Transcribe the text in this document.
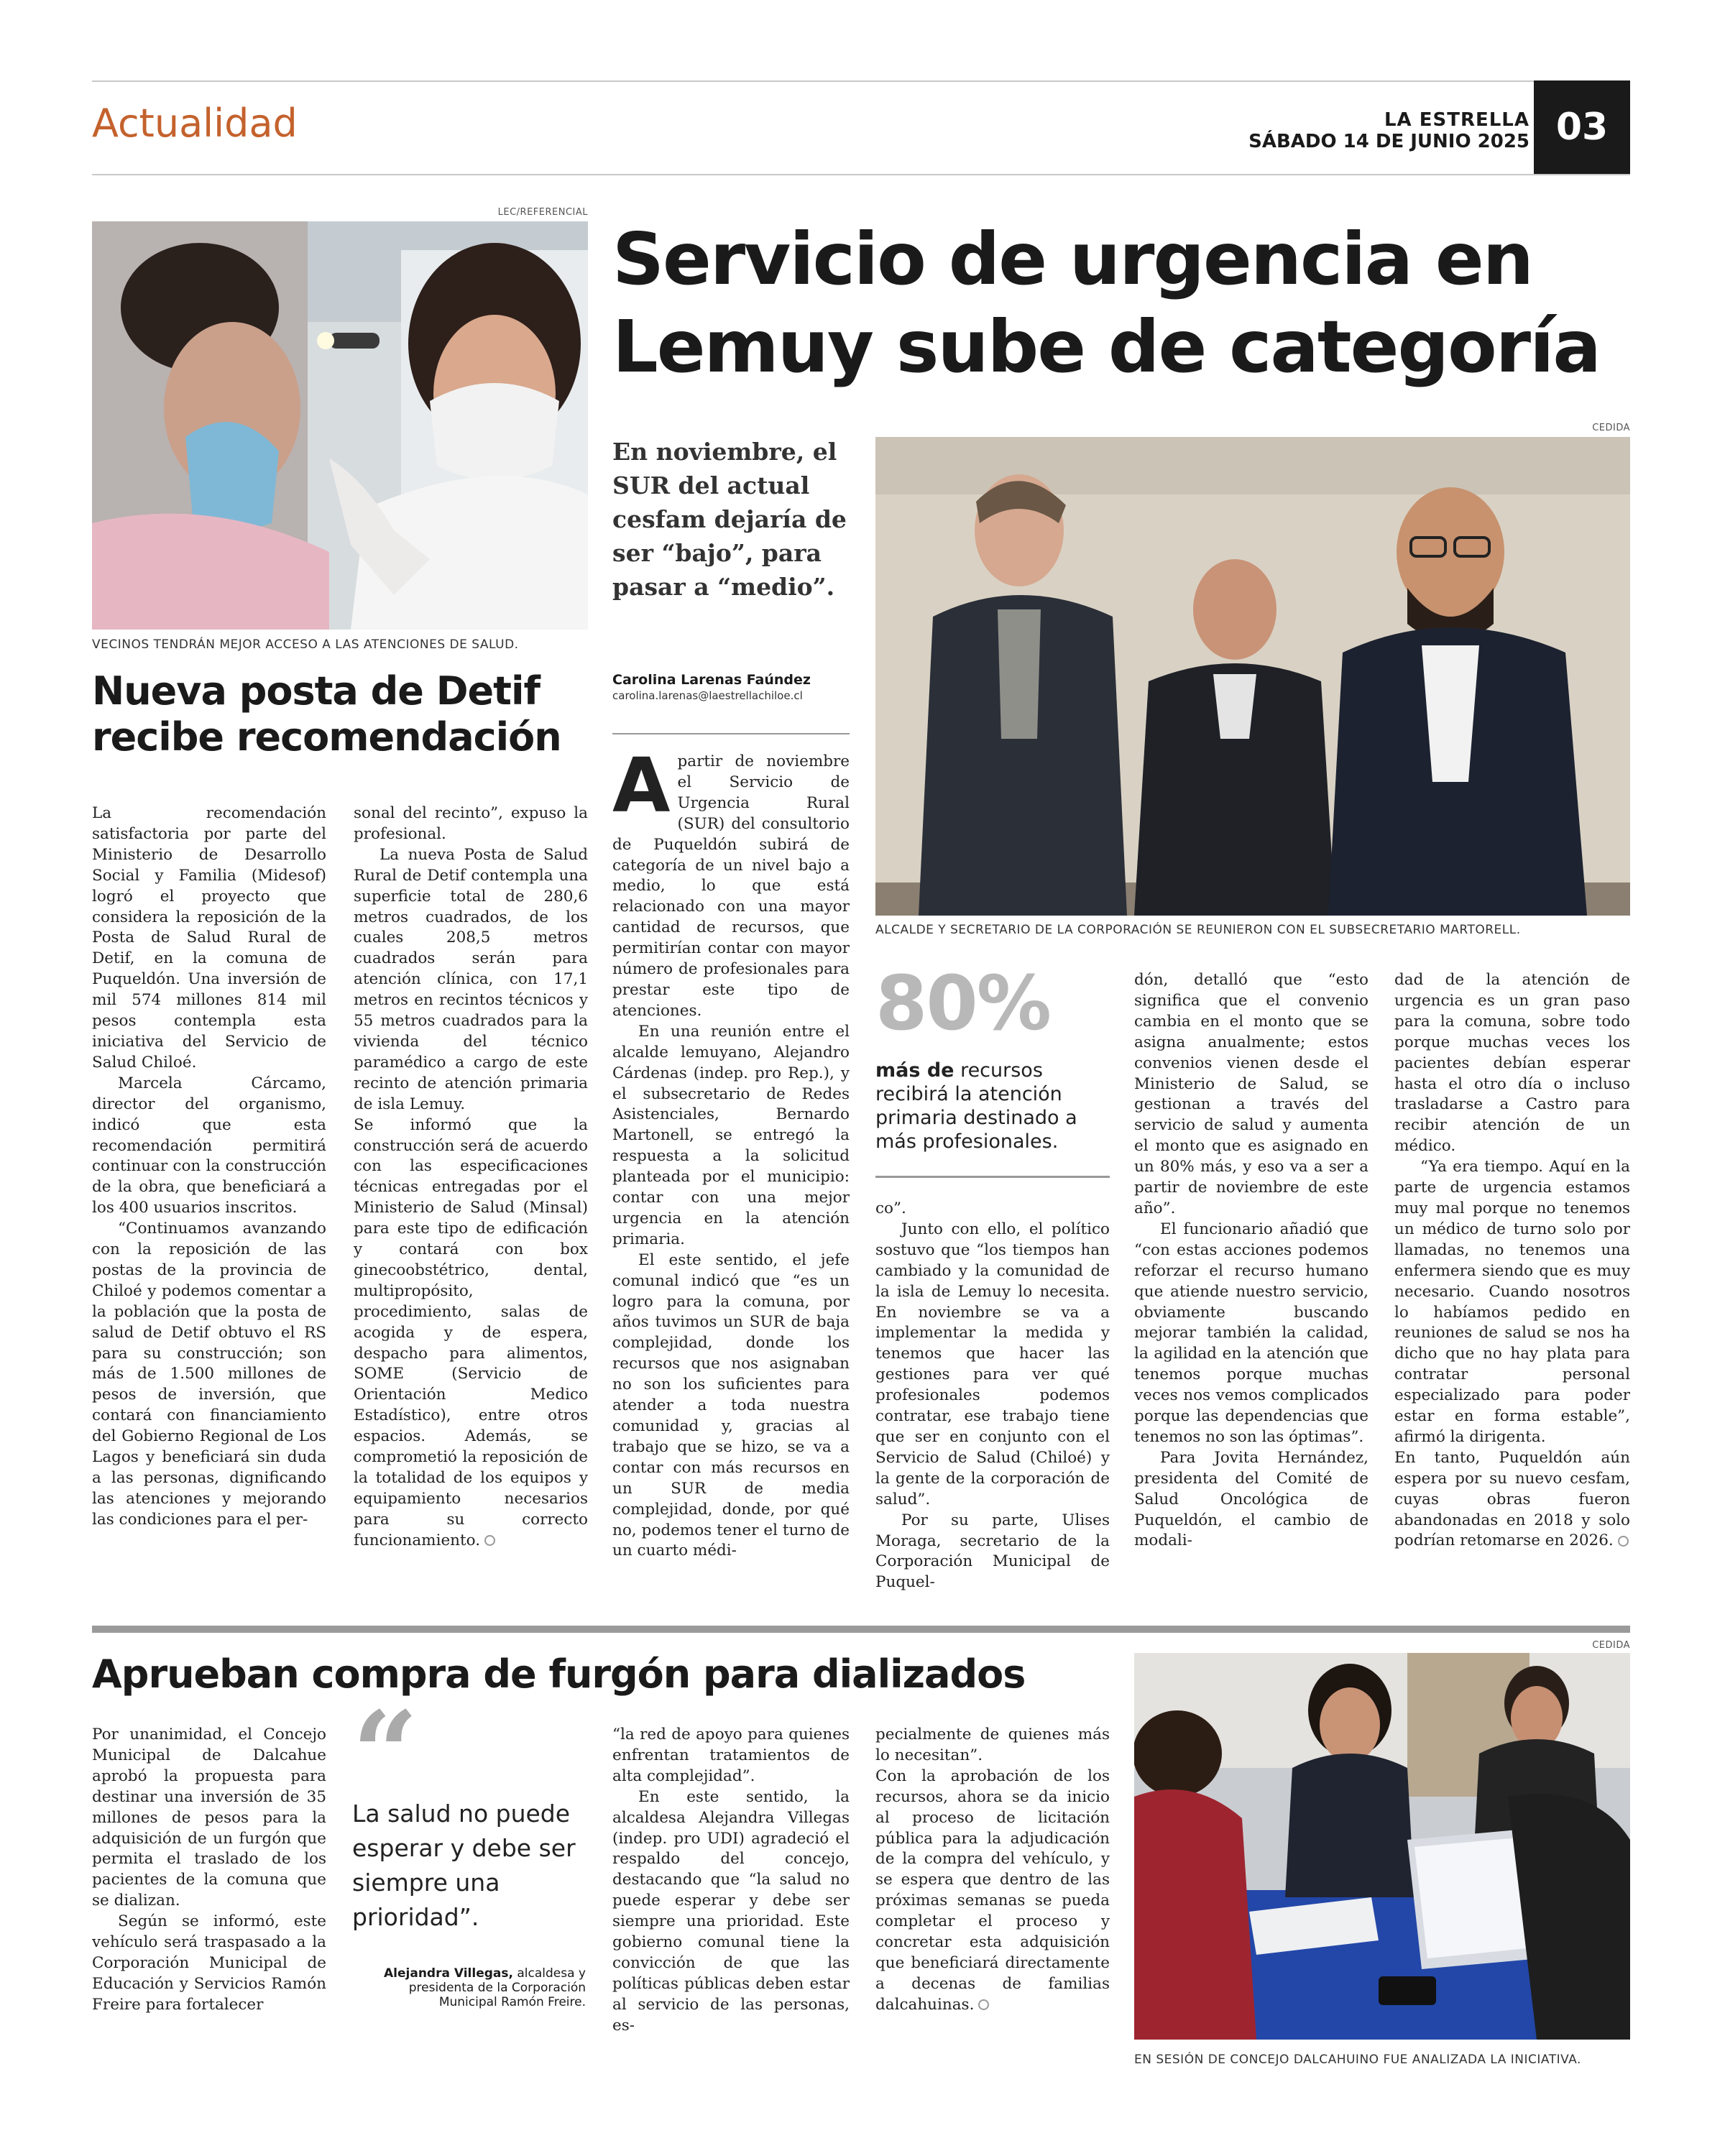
Actualidad	LA ESTRELLA
SÁBADO 14 DE JUNIO 2025 03
LEC/REFERENCIAL
VECINOS TENDRÁN MEJOR ACCESO A LAS ATENCIONES DE SALUD.
Nueva posta de Detif recibe recomendación

La recomendación satisfactoria por parte del Ministerio de Desarrollo Social y Familia (Midesof) logró el proyecto que considera la reposición de la Posta de Salud Rural de Detif, en la comuna de Puqueldón. Una inversión de mil 574 millones 814 mil pesos contempla esta iniciativa del Servicio de Salud Chiloé.

Marcela Cárcamo, director del organismo, indicó que esta recomendación permitirá continuar con la construcción de la obra, que beneficiará a los 400 usuarios inscritos.

“Continuamos avanzando con la reposición de las postas de la provincia de Chiloé y podemos comentar a la población que la posta de salud de Detif obtuvo el RS para su construcción; son más de 1.500 millones de pesos de inversión, que contará con financiamiento del Gobierno Regional de Los Lagos y beneficiará sin duda a las personas, dignificando las atenciones y mejorando las condiciones para el per-

sonal del recinto”, expuso la profesional.

La nueva Posta de Salud Rural de Detif contempla una superficie total de 280,6 metros cuadrados, de los cuales 208,5 metros cuadrados serán para atención clínica, con 17,1 metros en recintos técnicos y 55 metros cuadrados para la vivienda del técnico paramédico a cargo de este recinto de atención primaria de isla Lemuy.

Se informó que la construcción será de acuerdo con las especificaciones técnicas entregadas por el Ministerio de Salud (Minsal) para este tipo de edificación y contará con box ginecoobstétrico, dental, multipropósito, procedimiento, salas de acogida y de espera, despacho para alimentos, SOME (Servicio de Orientación Medico Estadístico), entre otros espacios. Además, se comprometió la reposición de la totalidad de los equipos y equipamiento necesarios para su correcto funcionamiento.

Servicio de urgencia en Lemuy sube de categoría
En noviembre, el SUR del actual cesfam dejaría de ser “bajo”, para pasar a “medio”.
Carolina Larenas Faúndez
carolina.larenas@laestrellachiloe.cl
CEDIDA
ALCALDE Y SECRETARIO DE LA CORPORACIÓN SE REUNIERON CON EL SUBSECRETARIO MARTORELL.
A partir de noviembre el Servicio de Urgencia Rural (SUR) del consultorio de Puqueldón subirá de categoría de un nivel bajo a medio, lo que está relacionado con una mayor cantidad de recursos, que permitirían contar con mayor número de profesionales para prestar este tipo de atenciones.

En una reunión entre el alcalde lemuyano, Alejandro Cárdenas (indep. pro Rep.), y el subsecretario de Redes Asistenciales, Bernardo Martonell, se entregó la respuesta a la solicitud planteada por el municipio: contar con una mejor urgencia en la atención primaria.

El este sentido, el jefe comunal indicó que “es un logro para la comuna, por años tuvimos un SUR de baja complejidad, donde los recursos que nos asignaban no son los suficientes para atender a toda nuestra comunidad y, gracias al trabajo que se hizo, se va a contar con más recursos en un SUR de media complejidad, donde, por qué no, podemos tener el turno de un cuarto médi-

80%
más de recursos recibirá la atención primaria destinado a más profesionales.

co”.

Junto con ello, el político sostuvo que “los tiempos han cambiado y la comunidad de la isla de Lemuy lo necesita. En noviembre se va a implementar la medida y tenemos que hacer las gestiones para ver qué profesionales podemos contratar, ese trabajo tiene que ser en conjunto con el Servicio de Salud (Chiloé) y la gente de la corporación de salud”.

Por su parte, Ulises Moraga, secretario de la Corporación Municipal de Puquel-

dón, detalló que “esto significa que el convenio cambia en el monto que se asigna anualmente; estos convenios vienen desde el Ministerio de Salud, se gestionan a través del servicio de salud y aumenta el monto que es asignado en un 80% más, y eso va a ser a partir de noviembre de este año”.

El funcionario añadió que “con estas acciones podemos reforzar el recurso humano que atiende nuestro servicio, obviamente buscando mejorar también la calidad, la agilidad en la atención que tenemos porque muchas veces nos vemos complicados porque las dependencias que tenemos no son las óptimas”.

Para Jovita Hernández, presidenta del Comité de Salud Oncológica de Puqueldón, el cambio de modali-

dad de la atención de urgencia es un gran paso para la comuna, sobre todo porque muchas veces los pacientes debían esperar hasta el otro día o incluso trasladarse a Castro para recibir atención de un médico.

“Ya era tiempo. Aquí en la parte de urgencia estamos muy mal porque no tenemos un médico de turno solo por llamadas, no tenemos una enfermera siendo que es muy necesario. Cuando nosotros lo habíamos pedido en reuniones de salud se nos ha dicho que no hay plata para contratar personal especializado para poder estar en forma estable”, afirmó la dirigenta.

En tanto, Puqueldón aún espera por su nuevo cesfam, cuyas obras fueron abandonadas en 2018 y solo podrían retomarse en 2026.

Aprueban compra de furgón para dializados

Por unanimidad, el Concejo Municipal de Dalcahue aprobó la propuesta para destinar una inversión de 35 millones de pesos para la adquisición de un furgón que permita el traslado de los pacientes de la comuna que se dializan.

Según se informó, este vehículo será traspasado a la Corporación Municipal de Educación y Servicios Ramón Freire para fortalecer

“
La salud no puede esperar y debe ser siempre una prioridad”.
Alejandra Villegas, alcaldesa y presidenta de la Corporación Municipal Ramón Freire.

“la red de apoyo para quienes enfrentan tratamientos de alta complejidad”.

En este sentido, la alcaldesa Alejandra Villegas (indep. pro UDI) agradeció el respaldo del concejo, destacando que “la salud no puede esperar y debe ser siempre una prioridad. Este gobierno comunal tiene la convicción de que las políticas públicas deben estar al servicio de las personas, es-

pecialmente de quienes más lo necesitan”.

Con la aprobación de los recursos, ahora se da inicio al proceso de licitación pública para la adjudicación de la compra del vehículo, y se espera que dentro de las próximas semanas se pueda completar el proceso y concretar esta adquisición que beneficiará directamente a decenas de familias dalcahuinas.

CEDIDA
EN SESIÓN DE CONCEJO DALCAHUINO FUE ANALIZADA LA INICIATIVA.
